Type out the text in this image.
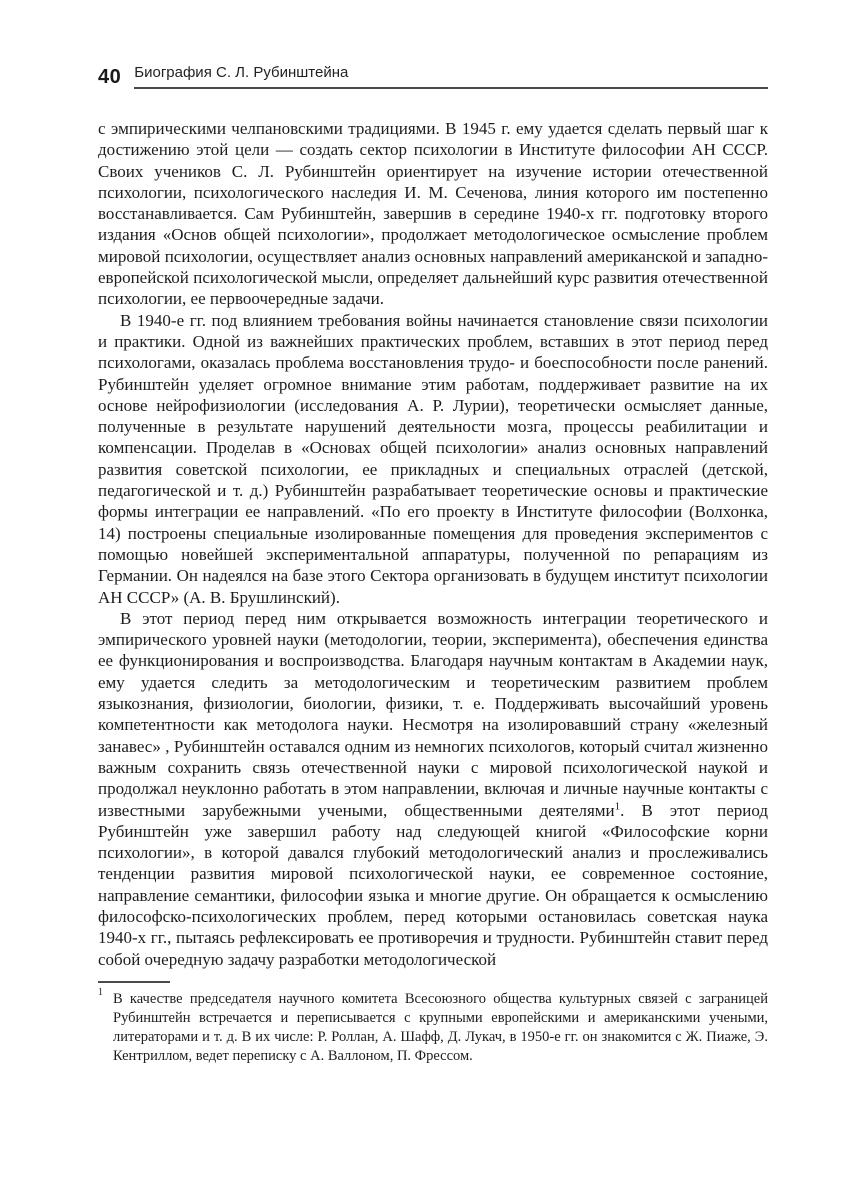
40 Биография С. Л. Рубинштейна

с эмпирическими челпановскими традициями. В 1945 г. ему удается сделать первый шаг к достижению этой цели — создать сектор психологии в Институте философии АН СССР. Своих учеников С. Л. Рубинштейн ориентирует на изучение истории отечественной психологии, психологического наследия И. М. Сеченова, линия которого им постепенно восстанавливается. Сам Рубинштейн, завершив в середине 1940-х гг. подготовку второго издания «Основ общей психологии», продолжает методологическое осмысление проблем мировой психологии, осуществляет анализ основных направлений американской и западно-европейской психологической мысли, определяет дальнейший курс развития отечественной психологии, ее первоочередные задачи.

В 1940-е гг. под влиянием требования войны начинается становление связи психологии и практики. Одной из важнейших практических проблем, вставших в этот период перед психологами, оказалась проблема восстановления трудо- и боеспособности после ранений. Рубинштейн уделяет огромное внимание этим работам, поддерживает развитие на их основе нейрофизиологии (исследования А. Р. Лурии), теоретически осмысляет данные, полученные в результате нарушений деятельности мозга, процессы реабилитации и компенсации. Проделав в «Основах общей психологии» анализ основных направлений развития советской психологии, ее прикладных и специальных отраслей (детской, педагогической и т. д.) Рубинштейн разрабатывает теоретические основы и практические формы интеграции ее направлений. «По его проекту в Институте философии (Волхонка, 14) построены специальные изолированные помещения для проведения экспериментов с помощью новейшей экспериментальной аппаратуры, полученной по репарациям из Германии. Он надеялся на базе этого Сектора организовать в будущем институт психологии АН СССР» (А. В. Брушлинский).

В этот период перед ним открывается возможность интеграции теоретического и эмпирического уровней науки (методологии, теории, эксперимента), обеспечения единства ее функционирования и воспроизводства. Благодаря научным контактам в Академии наук, ему удается следить за методологическим и теоретическим развитием проблем языкознания, физиологии, биологии, физики, т. е. Поддерживать высочайший уровень компетентности как методолога науки. Несмотря на изолировавший страну «железный занавес» , Рубинштейн оставался одним из немногих психологов, который считал жизненно важным сохранить связь отечественной науки с мировой психологической наукой и продолжал неуклонно работать в этом направлении, включая и личные научные контакты с известными зарубежными учеными, общественными деятелями$^1$. В этот период Рубинштейн уже завершил работу над следующей книгой «Философские корни психологии», в которой давался глубокий методологический анализ и прослеживались тенденции развития мировой психологической науки, ее современное состояние, направление семантики, философии языка и многие другие. Он обращается к осмыслению философско-психологических проблем, перед которыми остановилась советская наука 1940-х гг., пытаясь рефлексировать ее противоречия и трудности. Рубинштейн ставит перед собой очередную задачу разработки методологической

1 В качестве председателя научного комитета Всесоюзного общества культурных связей с заграницей Рубинштейн встречается и переписывается с крупными европейскими и американскими учеными, литераторами и т. д. В их числе: Р. Роллан, А. Шафф, Д. Лукач, в 1950-е гг. он знакомится с Ж. Пиаже, Э. Кентриллом, ведет переписку с А. Валлоном, П. Фрессом.
